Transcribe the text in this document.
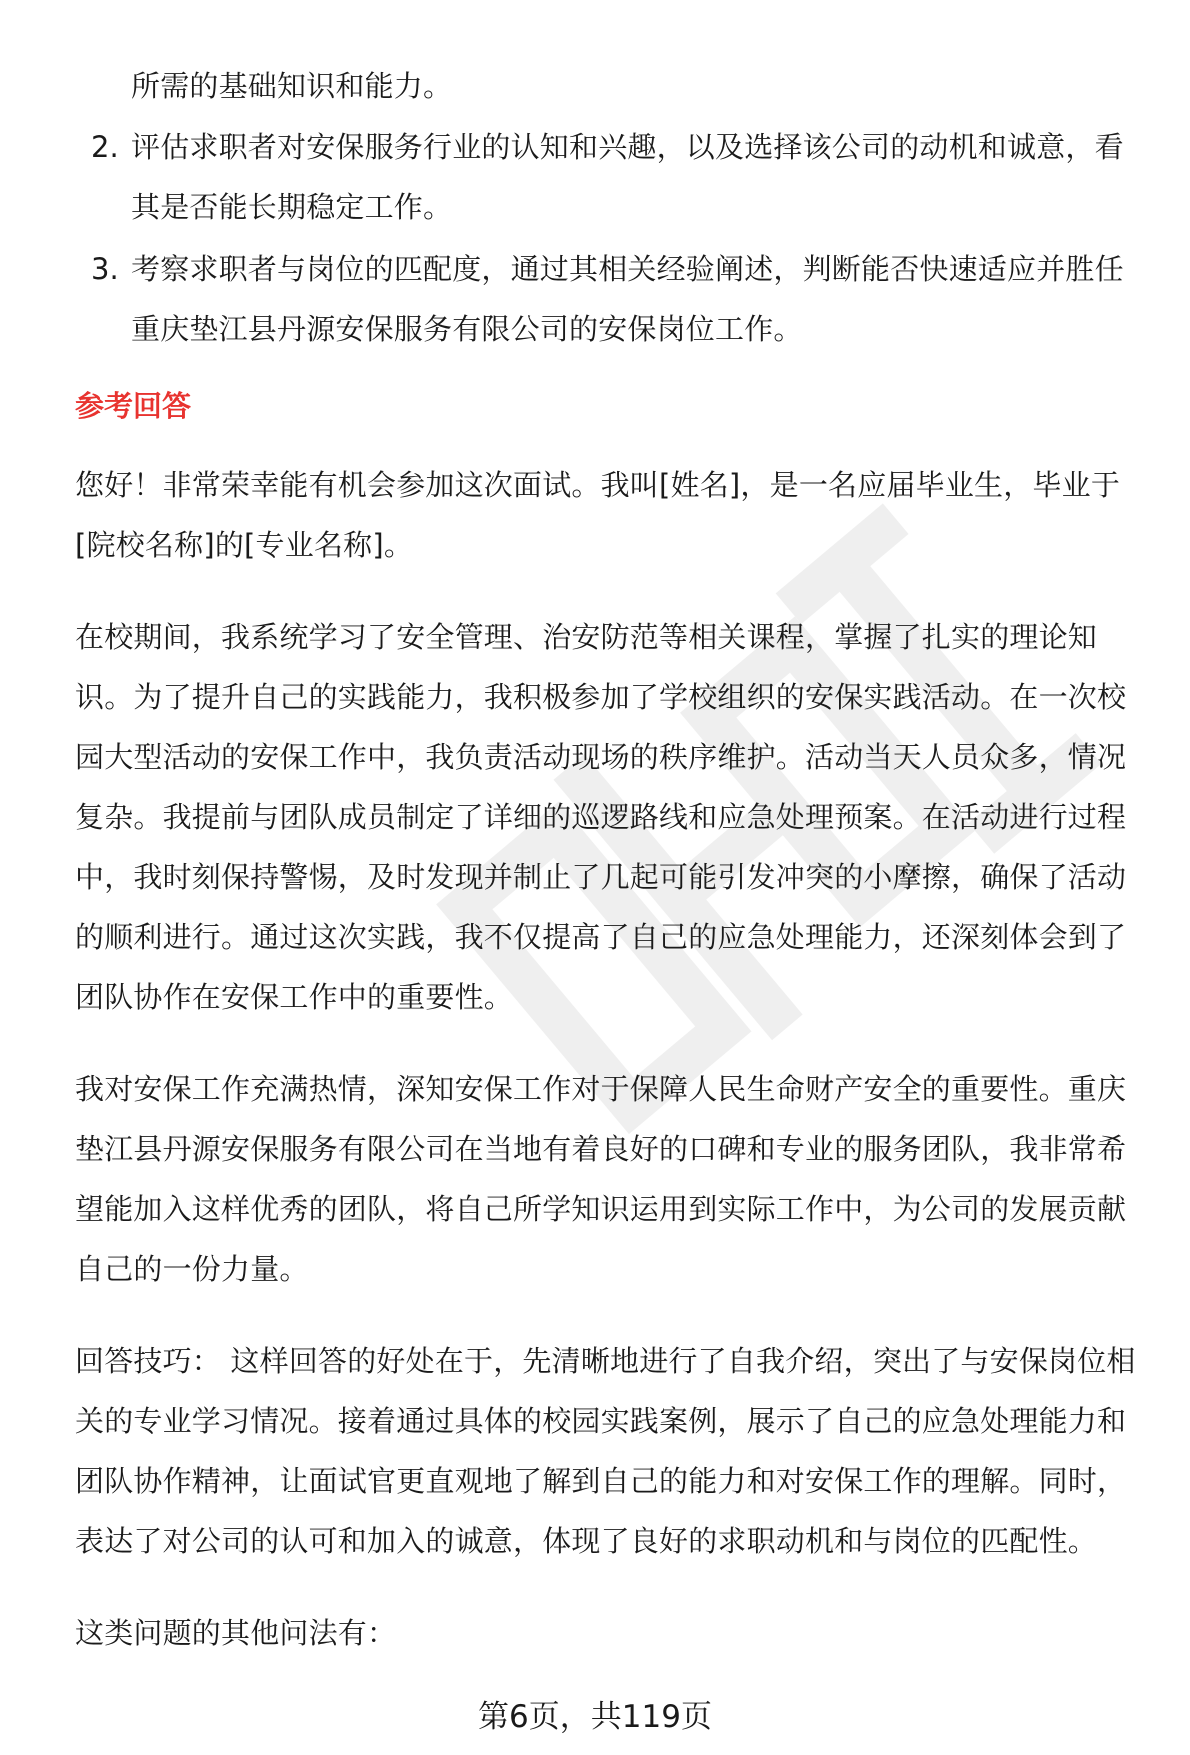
所需的基础知识和能力。
2. 评估求职者对安保服务行业的认知和兴趣，以及选择该公司的动机和诚意，看
其是否能长期稳定工作。
3. 考察求职者与岗位的匹配度，通过其相关经验阐述，判断能否快速适应并胜任
重庆垫江县丹源安保服务有限公司的安保岗位工作。
参考回答
您好！非常荣幸能有机会参加这次面试。我叫[姓名]，是一名应届毕业生，毕业于
[院校名称]的[专业名称]。
在校期间，我系统学习了安全管理、治安防范等相关课程，掌握了扎实的理论知
识。为了提升自己的实践能力，我积极参加了学校组织的安保实践活动。在一次校
园大型活动的安保工作中，我负责活动现场的秩序维护。活动当天人员众多，情况
复杂。我提前与团队成员制定了详细的巡逻路线和应急处理预案。在活动进行过程
中，我时刻保持警惕，及时发现并制止了几起可能引发冲突的小摩擦，确保了活动
的顺利进行。通过这次实践，我不仅提高了自己的应急处理能力，还深刻体会到了
团队协作在安保工作中的重要性。
我对安保工作充满热情，深知安保工作对于保障人民生命财产安全的重要性。重庆
垫江县丹源安保服务有限公司在当地有着良好的口碑和专业的服务团队，我非常希
望能加入这样优秀的团队，将自己所学知识运用到实际工作中，为公司的发展贡献
自己的一份力量。
回答技巧： 这样回答的好处在于，先清晰地进行了自我介绍，突出了与安保岗位相
关的专业学习情况。接着通过具体的校园实践案例，展示了自己的应急处理能力和
团队协作精神，让面试官更直观地了解到自己的能力和对安保工作的理解。同时，
表达了对公司的认可和加入的诚意，体现了良好的求职动机和与岗位的匹配性。
这类问题的其他问法有：
第6页，共119页
